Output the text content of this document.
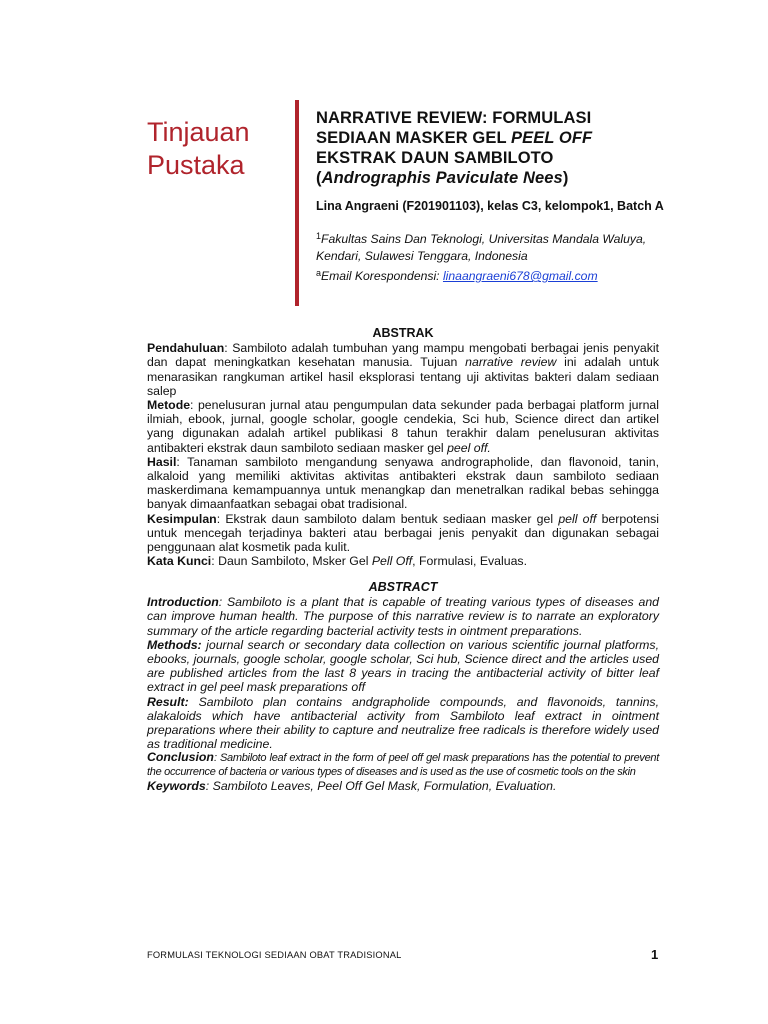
Tinjauan
Pustaka
NARRATIVE REVIEW: FORMULASI
SEDIAAN MASKER GEL PEEL OFF
EKSTRAK DAUN SAMBILOTO
(Andrographis Paviculate Nees)
Lina Angraeni (F201901103), kelas C3, kelompok1, Batch A
$^1$Fakultas Sains Dan Teknologi, Universitas Mandala Waluya,
Kendari, Sulawesi Tenggara, Indonesia
$^a$Email Korespondensi: linaangraeni678@gmail.com
ABSTRAK

Pendahuluan: Sambiloto adalah tumbuhan yang mampu mengobati berbagai jenis penyakit dan dapat meningkatkan kesehatan manusia. Tujuan narrative review ini adalah untuk menarasikan rangkuman artikel hasil eksplorasi tentang uji aktivitas bakteri dalam sediaan salep

Metode: penelusuran jurnal atau pengumpulan data sekunder pada berbagai platform jurnal ilmiah, ebook, jurnal, google scholar, google cendekia, Sci hub, Science direct dan artikel yang digunakan adalah artikel publikasi 8 tahun terakhir dalam penelusuran aktivitas antibakteri ekstrak daun sambiloto sediaan masker gel peel off.

Hasil: Tanaman sambiloto mengandung senyawa andrographolide, dan flavonoid, tanin, alkaloid yang memiliki aktivitas aktivitas antibakteri ekstrak daun sambiloto sediaan maskerdimana kemampuannya untuk menangkap dan menetralkan radikal bebas sehingga banyak dimaanfaatkan sebagai obat tradisional.

Kesimpulan: Ekstrak daun sambiloto dalam bentuk sediaan masker gel pell off berpotensi untuk mencegah terjadinya bakteri atau berbagai jenis penyakit dan digunakan sebagai penggunaan alat kosmetik pada kulit.

Kata Kunci: Daun Sambiloto, Msker Gel Pell Off, Formulasi, Evaluas.

ABSTRACT

Introduction: Sambiloto is a plant that is capable of treating various types of diseases and can improve human health. The purpose of this narrative review is to narrate an exploratory summary of the article regarding bacterial activity tests in ointment preparations.

Methods: journal search or secondary data collection on various scientific journal platforms, ebooks, journals, google scholar, google scholar, Sci hub, Science direct and the articles used are published articles from the last 8 years in tracing the antibacterial activity of bitter leaf extract in gel peel mask preparations off

Result: Sambiloto plan contains andgrapholide compounds, and flavonoids, tannins, alakaloids which have antibacterial activity from Sambiloto leaf extract in ointment preparations where their ability to capture and neutralize free radicals is therefore widely used as traditional medicine.

Conclusion: Sambiloto leaf extract in the form of peel off gel mask preparations has the potential to prevent the occurrence of bacteria or various types of diseases and is used as the use of cosmetic tools on the skin

Keywords: Sambiloto Leaves, Peel Off Gel Mask, Formulation, Evaluation.

FORMULASI TEKNOLOGI SEDIAAN OBAT TRADISIONAL	1
